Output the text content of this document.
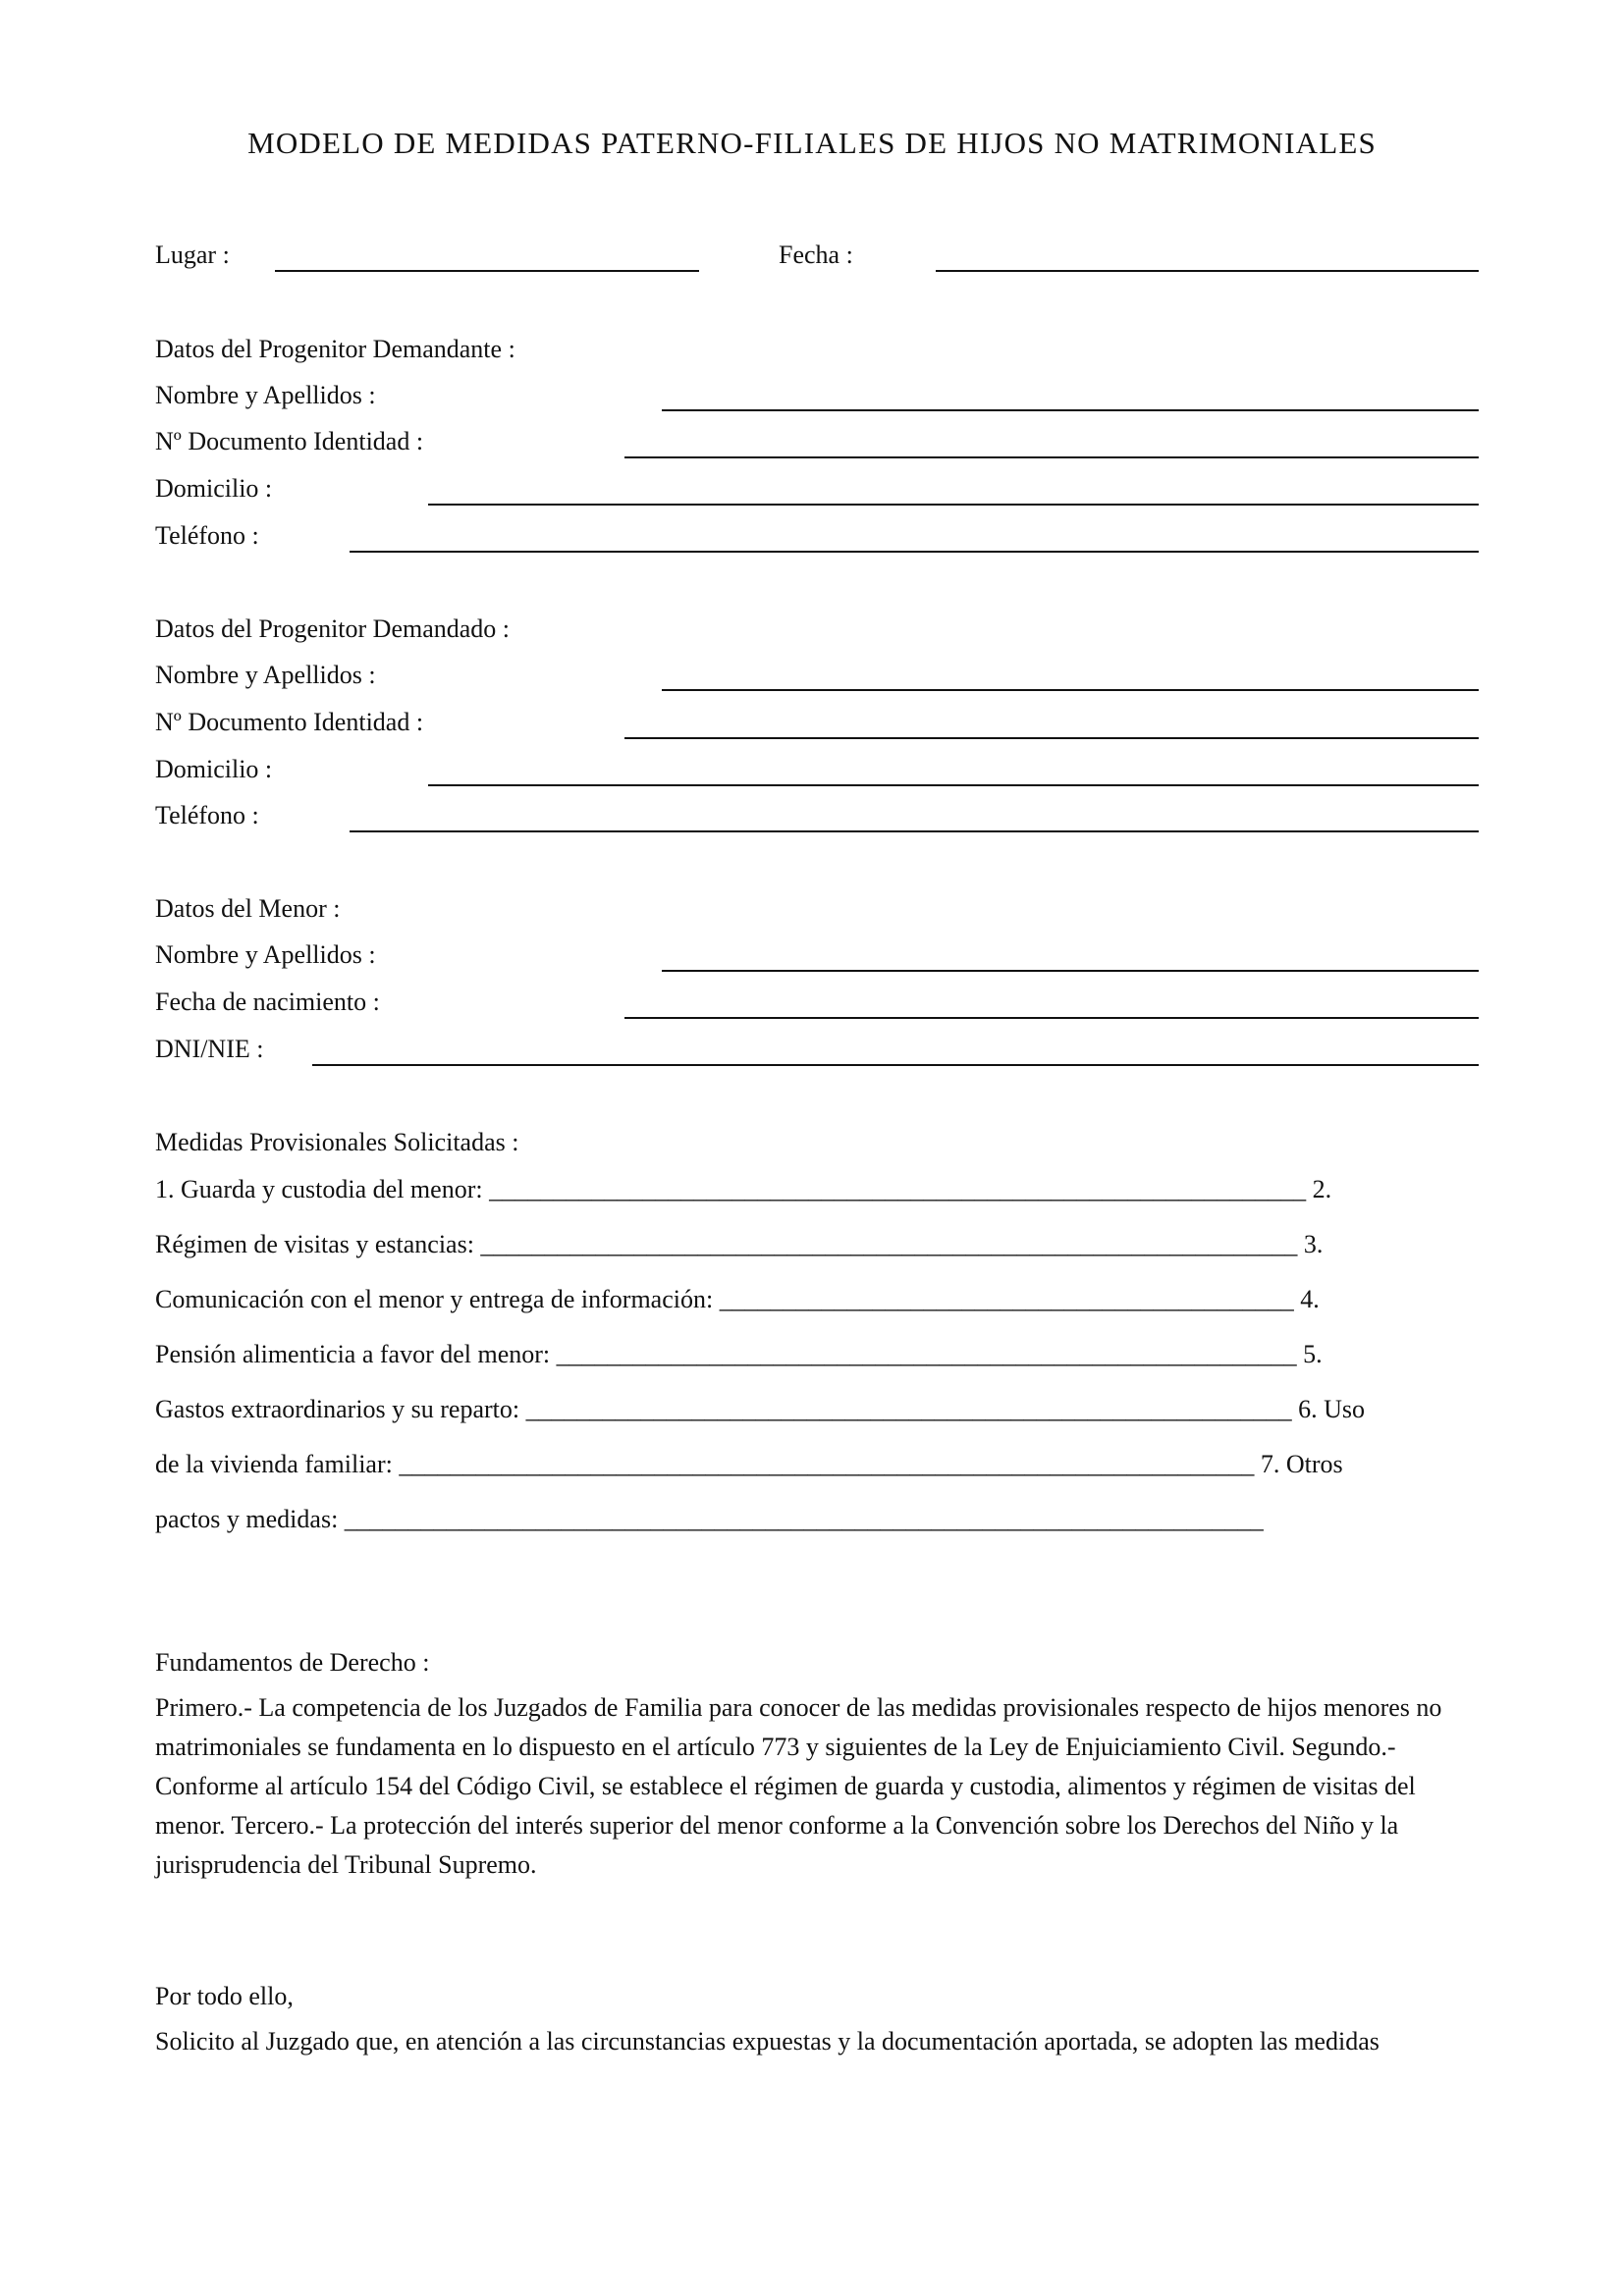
MODELO DE MEDIDAS PATERNO-FILIALES DE HIJOS NO MATRIMONIALES
Lugar :	Fecha :
Datos del Progenitor Demandante :
Nombre y Apellidos :
Nº Documento Identidad :
Domicilio :
Teléfono :
Datos del Progenitor Demandado :
Nombre y Apellidos :
Nº Documento Identidad :
Domicilio :
Teléfono :
Datos del Menor :
Nombre y Apellidos :
Fecha de nacimiento :
DNI/NIE :
Medidas Provisionales Solicitadas :
1. Guarda y custodia del menor: ________________________________________________________________ 2.
Régimen de visitas y estancias: ________________________________________________________________ 3.
Comunicación con el menor y entrega de información: _____________________________________________ 4.
Pensión alimenticia a favor del menor: __________________________________________________________ 5.
Gastos extraordinarios y su reparto: ____________________________________________________________ 6. Uso
de la vivienda familiar: ___________________________________________________________________ 7. Otros
pactos y medidas: ________________________________________________________________________
Fundamentos de Derecho :
Primero.- La competencia de los Juzgados de Familia para conocer de las medidas provisionales respecto de hijos menores no matrimoniales se fundamenta en lo dispuesto en el artículo 773 y siguientes de la Ley de Enjuiciamiento Civil. Segundo.- Conforme al artículo 154 del Código Civil, se establece el régimen de guarda y custodia, alimentos y régimen de visitas del menor. Tercero.- La protección del interés superior del menor conforme a la Convención sobre los Derechos del Niño y la jurisprudencia del Tribunal Supremo.
Por todo ello,
Solicito al Juzgado que, en atención a las circunstancias expuestas y la documentación aportada, se adopten las medidas
